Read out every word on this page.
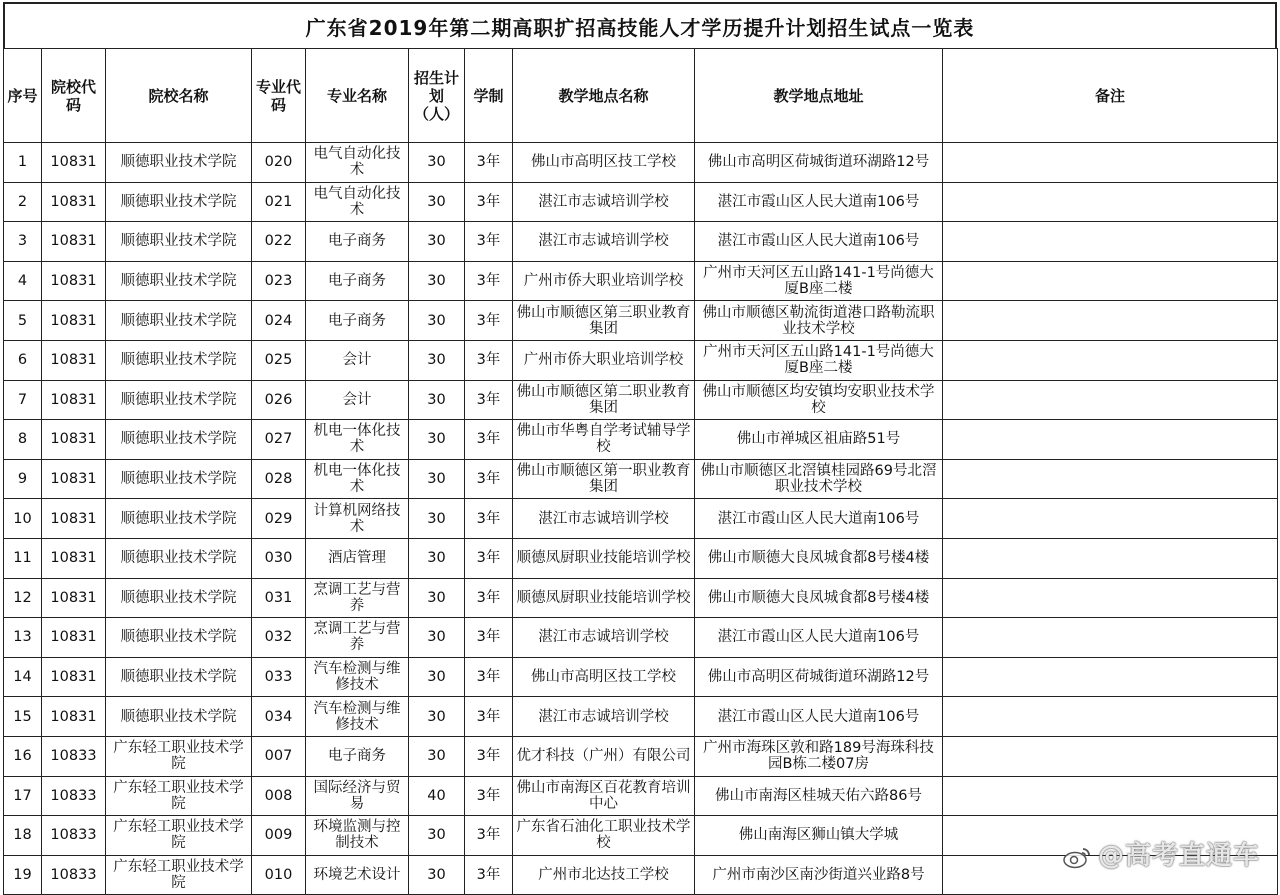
广东省2019年第二期高职扩招高技能人才学历提升计划招生试点一览表
序号	院校代码	院校名称	专业代码	专业名称	招生计划（人）	学制	教学地点名称	教学地点地址	备注
1	10831	顺德职业技术学院	020	电气自动化技术	30	3年	佛山市高明区技工学校	佛山市高明区荷城街道环湖路12号	
2	10831	顺德职业技术学院	021	电气自动化技术	30	3年	湛江市志诚培训学校	湛江市霞山区人民大道南106号	
3	10831	顺德职业技术学院	022	电子商务	30	3年	湛江市志诚培训学校	湛江市霞山区人民大道南106号	
4	10831	顺德职业技术学院	023	电子商务	30	3年	广州市侨大职业培训学校	广州市天河区五山路141-1号尚德大厦B座二楼	
5	10831	顺德职业技术学院	024	电子商务	30	3年	佛山市顺德区第三职业教育集团	佛山市顺德区勒流街道港口路勒流职业技术学校	
6	10831	顺德职业技术学院	025	会计	30	3年	广州市侨大职业培训学校	广州市天河区五山路141-1号尚德大厦B座二楼	
7	10831	顺德职业技术学院	026	会计	30	3年	佛山市顺德区第二职业教育集团	佛山市顺德区均安镇均安职业技术学校	
8	10831	顺德职业技术学院	027	机电一体化技术	30	3年	佛山市华粤自学考试辅导学校	佛山市禅城区祖庙路51号	
9	10831	顺德职业技术学院	028	机电一体化技术	30	3年	佛山市顺德区第一职业教育集团	佛山市顺德区北滘镇桂园路69号北滘职业技术学校	
10	10831	顺德职业技术学院	029	计算机网络技术	30	3年	湛江市志诚培训学校	湛江市霞山区人民大道南106号	
11	10831	顺德职业技术学院	030	酒店管理	30	3年	顺德凤厨职业技能培训学校	佛山市顺德大良凤城食都8号楼4楼	
12	10831	顺德职业技术学院	031	烹调工艺与营养	30	3年	顺德凤厨职业技能培训学校	佛山市顺德大良凤城食都8号楼4楼	
13	10831	顺德职业技术学院	032	烹调工艺与营养	30	3年	湛江市志诚培训学校	湛江市霞山区人民大道南106号	
14	10831	顺德职业技术学院	033	汽车检测与维修技术	30	3年	佛山市高明区技工学校	佛山市高明区荷城街道环湖路12号	
15	10831	顺德职业技术学院	034	汽车检测与维修技术	30	3年	湛江市志诚培训学校	湛江市霞山区人民大道南106号	
16	10833	广东轻工职业技术学院	007	电子商务	30	3年	优才科技（广州）有限公司	广州市海珠区敦和路189号海珠科技园B栋二楼07房	
17	10833	广东轻工职业技术学院	008	国际经济与贸易	40	3年	佛山市南海区百花教育培训中心	佛山市南海区桂城天佑六路86号	
18	10833	广东轻工职业技术学院	009	环境监测与控制技术	30	3年	广东省石油化工职业技术学校	佛山南海区狮山镇大学城	
19	10833	广东轻工职业技术学院	010	环境艺术设计	30	3年	广州市北达技工学校	广州市南沙区南沙街道兴业路8号	
@高考直通车
